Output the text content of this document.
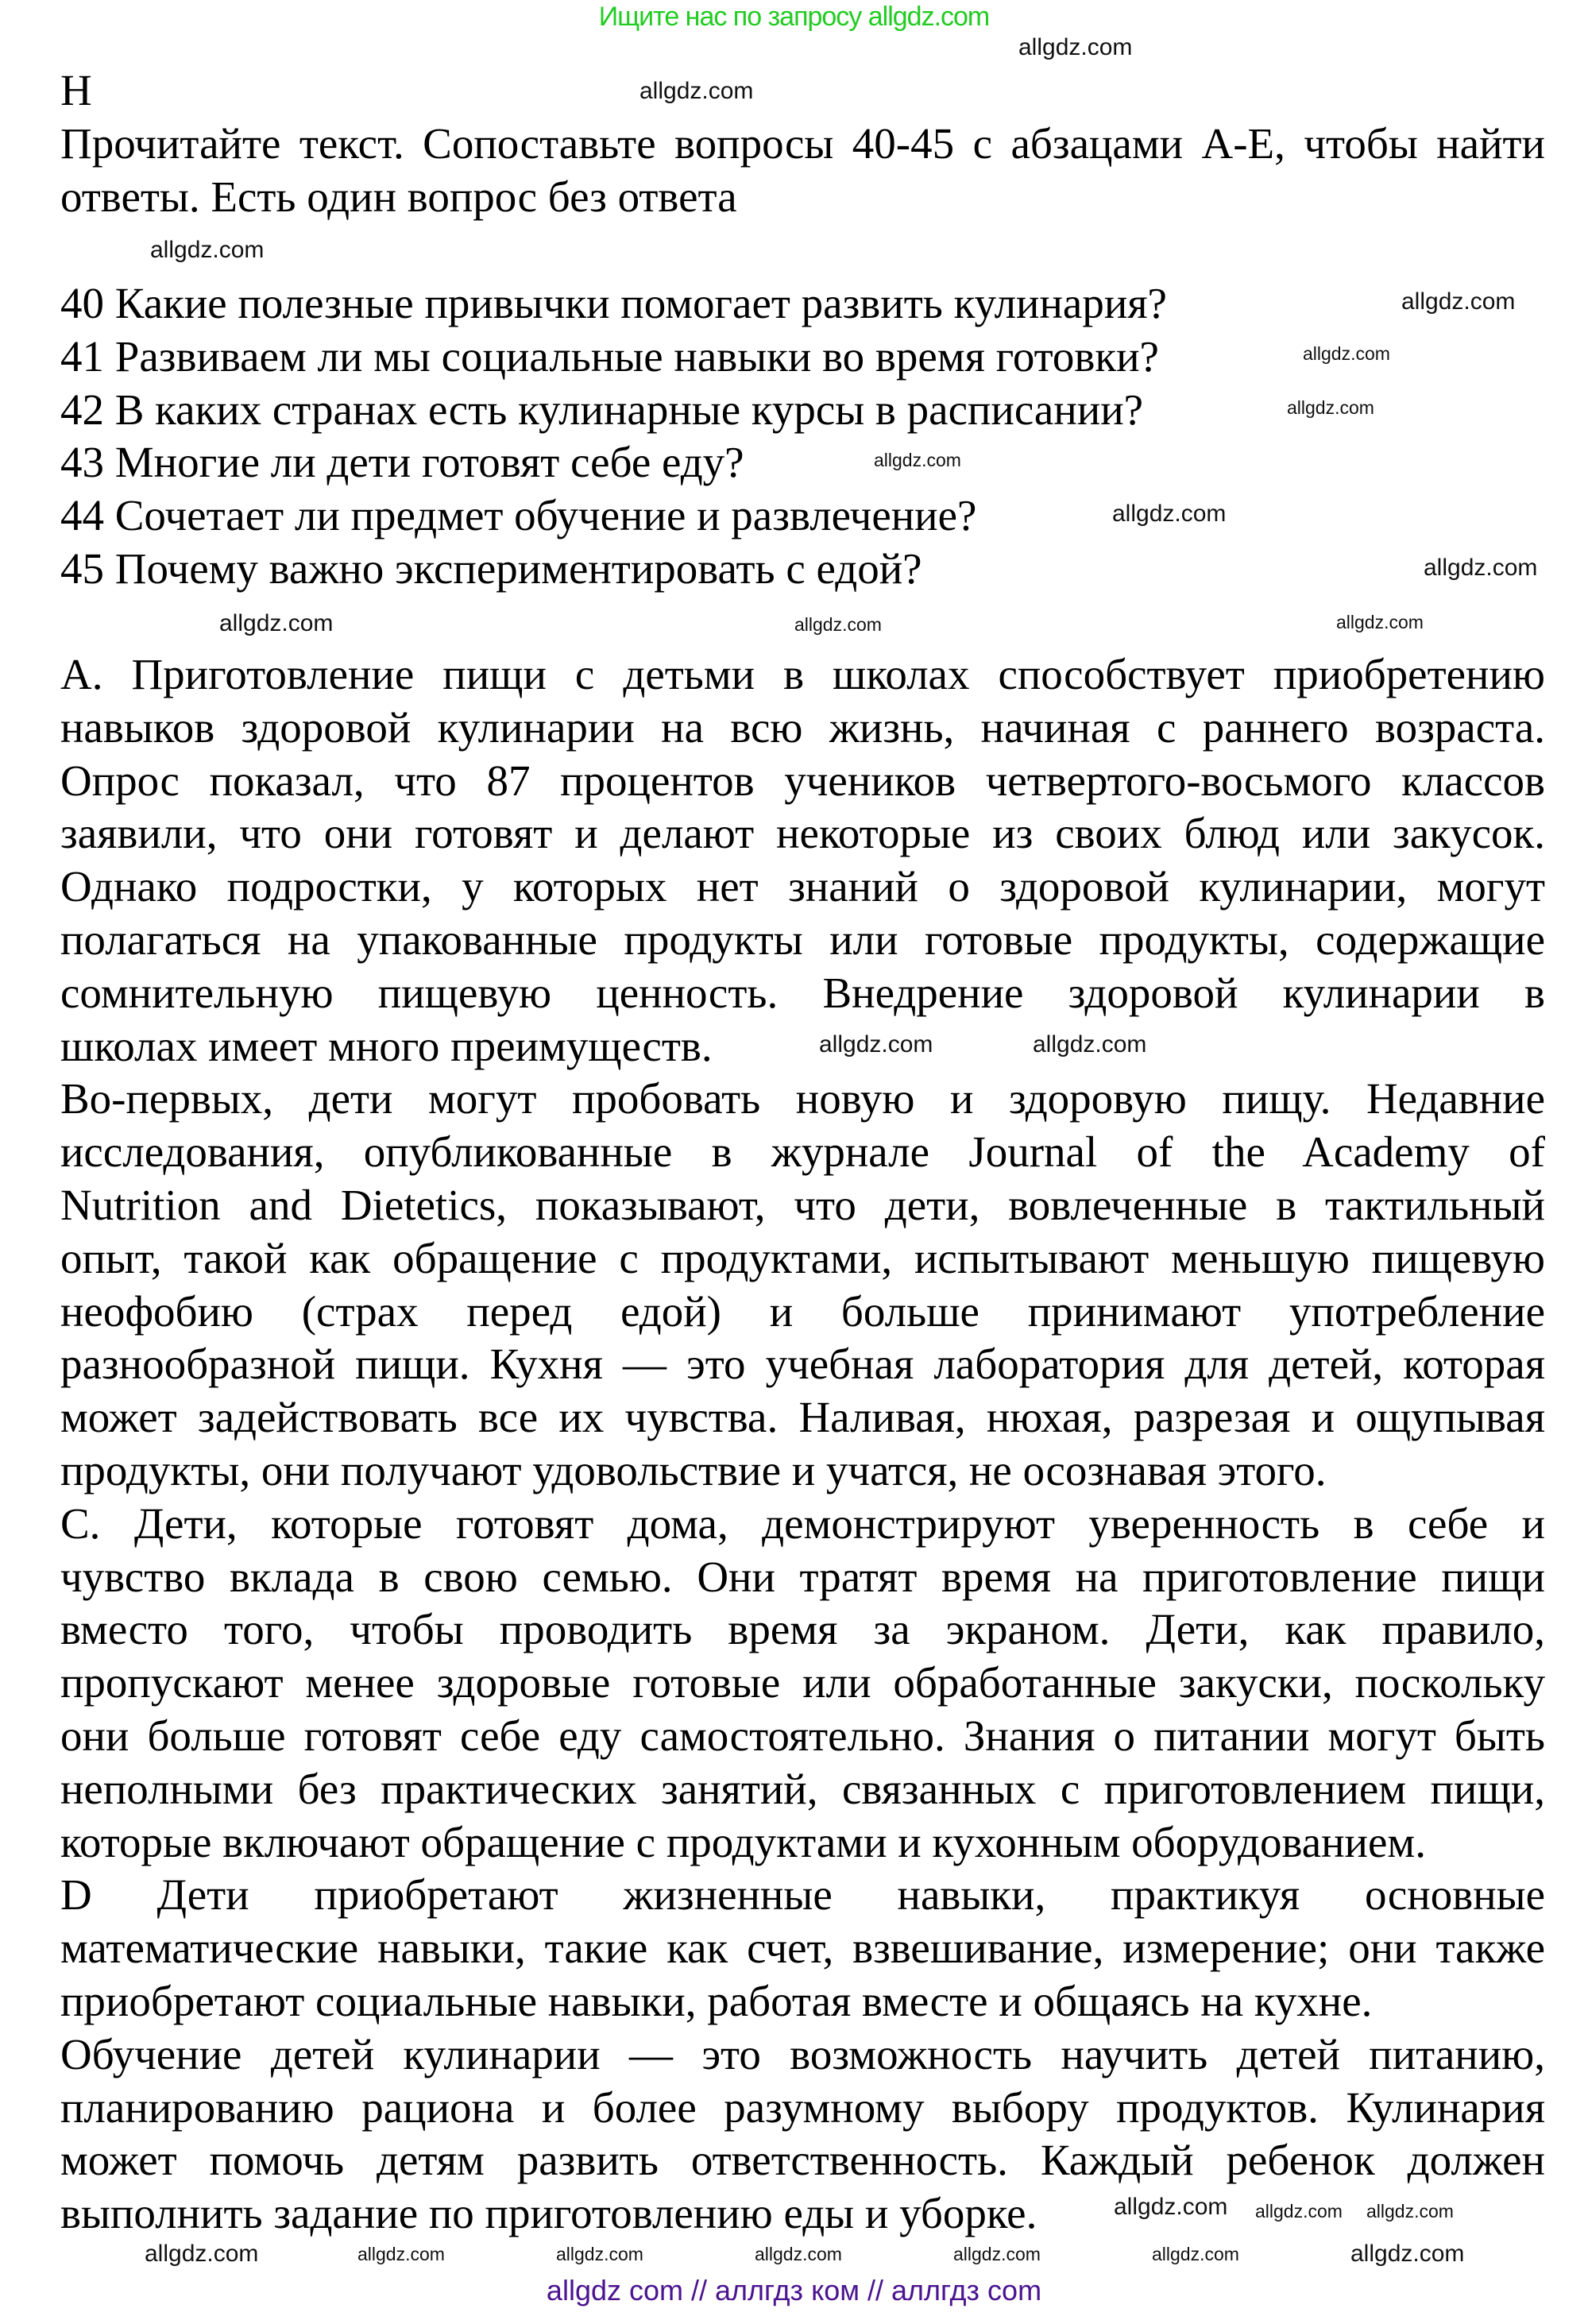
Ищите нас по запросу allgdz.com
H
Прочитайте текст. Сопоставьте вопросы 40-45 с абзацами A-E, чтобы найти
ответы. Есть один вопрос без ответа
40 Какие полезные привычки помогает развить кулинария?
41 Развиваем ли мы социальные навыки во время готовки?
42 В каких странах есть кулинарные курсы в расписании?
43 Многие ли дети готовят себе еду?
44 Сочетает ли предмет обучение и развлечение?
45 Почему важно экспериментировать с едой?
A. Приготовление пищи с детьми в школах способствует приобретению
навыков здоровой кулинарии на всю жизнь, начиная с раннего возраста.
Опрос показал, что 87 процентов учеников четвертого-восьмого классов
заявили, что они готовят и делают некоторые из своих блюд или закусок.
Однако подростки, у которых нет знаний о здоровой кулинарии, могут
полагаться на упакованные продукты или готовые продукты, содержащие
сомнительную пищевую ценность. Внедрение здоровой кулинарии в
школах имеет много преимуществ.
Во-первых, дети могут пробовать новую и здоровую пищу. Недавние
исследования, опубликованные в журнале Journal of the Academy of
Nutrition and Dietetics, показывают, что дети, вовлеченные в тактильный
опыт, такой как обращение с продуктами, испытывают меньшую пищевую
неофобию (страх перед едой) и больше принимают употребление
разнообразной пищи. Кухня — это учебная лаборатория для детей, которая
может задействовать все их чувства. Наливая, нюхая, разрезая и ощупывая
продукты, они получают удовольствие и учатся, не осознавая этого.
C. Дети, которые готовят дома, демонстрируют уверенность в себе и
чувство вклада в свою семью. Они тратят время на приготовление пищи
вместо того, чтобы проводить время за экраном. Дети, как правило,
пропускают менее здоровые готовые или обработанные закуски, поскольку
они больше готовят себе еду самостоятельно. Знания о питании могут быть
неполными без практических занятий, связанных с приготовлением пищи,
которые включают обращение с продуктами и кухонным оборудованием.
D Дети приобретают жизненные навыки, практикуя основные
математические навыки, такие как счет, взвешивание, измерение; они также
приобретают социальные навыки, работая вместе и общаясь на кухне.
Обучение детей кулинарии — это возможность научить детей питанию,
планированию рациона и более разумному выбору продуктов. Кулинария
может помочь детям развить ответственность. Каждый ребенок должен
выполнить задание по приготовлению еды и уборке.
allgdz.com
allgdz.com
allgdz.com
allgdz.com
allgdz.com
allgdz.com
allgdz.com
allgdz.com
allgdz.com
allgdz.com
allgdz.com
allgdz.com
allgdz.com allgdz.com
allgdz.com
allgdz.com	allgdz.com	allgdz.com	allgdz.com	allgdz.com	allgdz.com
allgdz.com
allgdz.com
allgdz.com
allgdz com // аллгдз ком // аллгдз com
